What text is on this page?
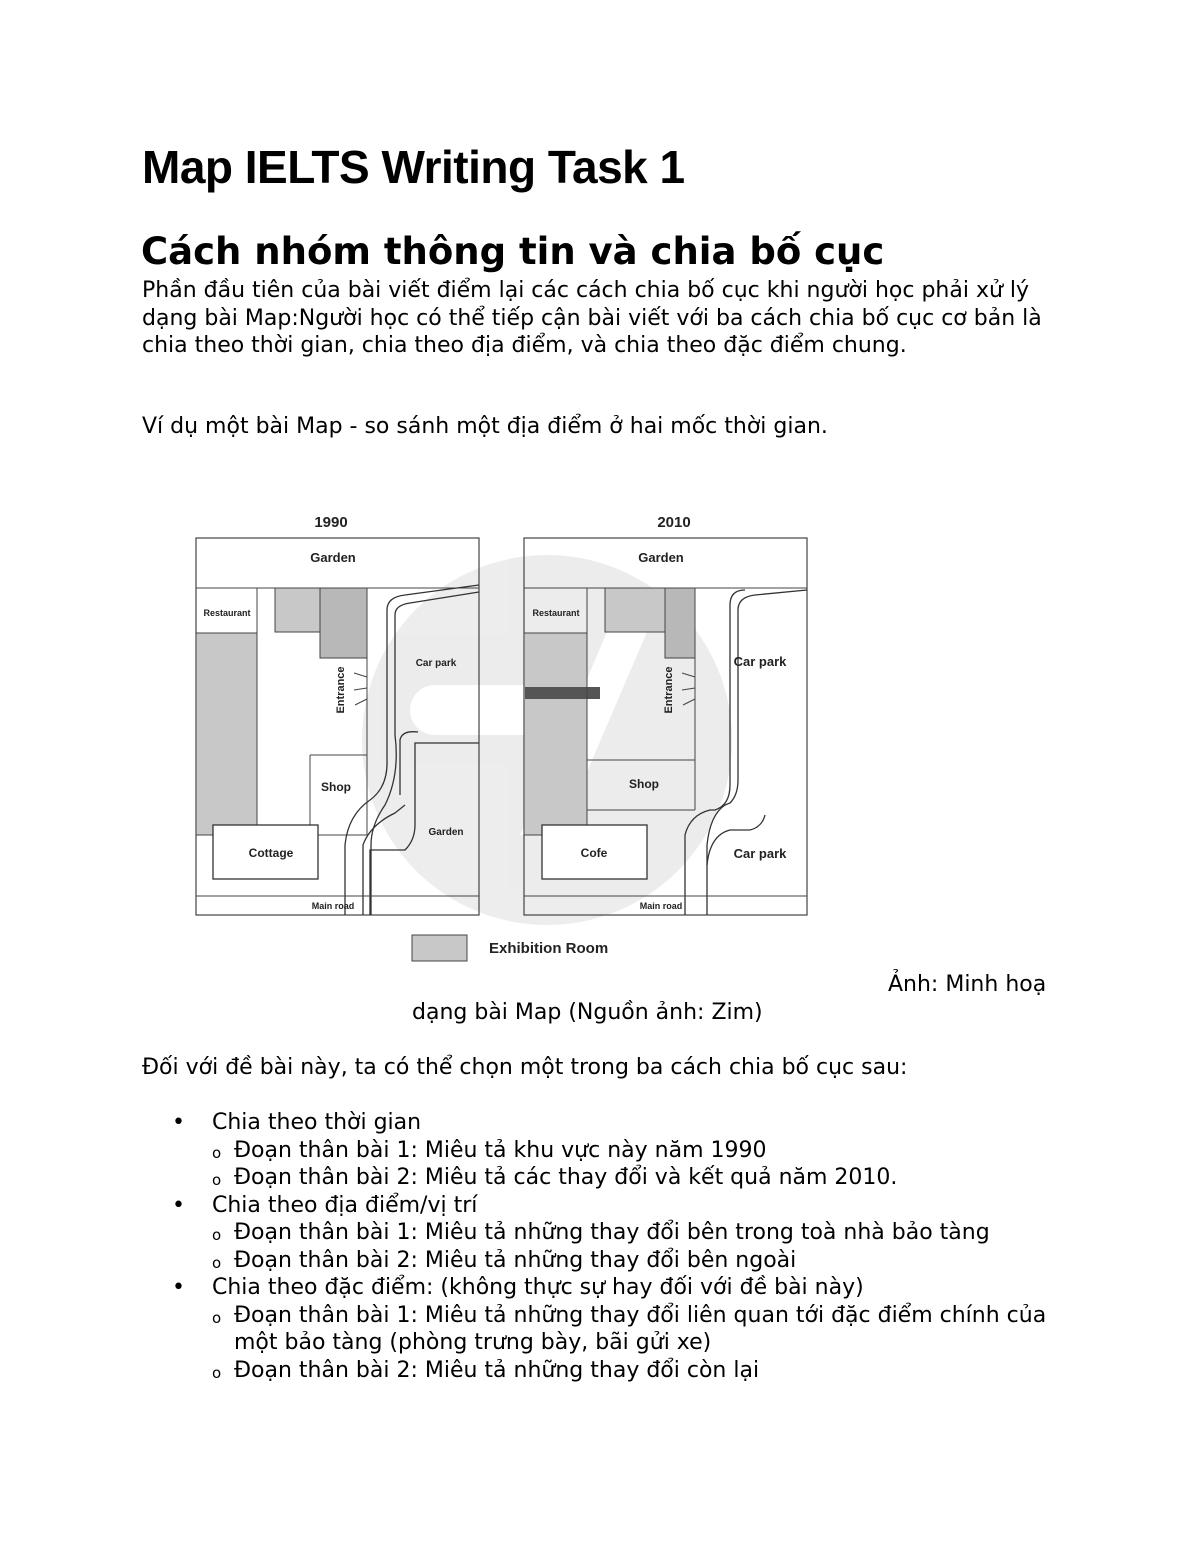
Map IELTS Writing Task 1
Cách nhóm thông tin và chia bố cục

Phần đầu tiên của bài viết điểm lại các cách chia bố cục khi người học phải xử lý dạng bài Map:Người học có thể tiếp cận bài viết với ba cách chia bố cục cơ bản là chia theo thời gian, chia theo địa điểm, và chia theo đặc điểm chung.

Ví dụ một bài Map - so sánh một địa điểm ở hai mốc thời gian.

1990
Garden
Restaurant
Entrance
Shop
Car park
Garden
Cottage
Main road
2010
Garden
Restaurant
Entrance
Shop
Car park
Car park
Cofe
Main road
Exhibition Room

Ảnh: Minh hoạ

dạng bài Map (Nguồn ảnh: Zim)

Đối với đề bài này, ta có thể chọn một trong ba cách chia bố cục sau:

• Chia theo thời gian
o Đoạn thân bài 1: Miêu tả khu vực này năm 1990
o Đoạn thân bài 2: Miêu tả các thay đổi và kết quả năm 2010.
• Chia theo địa điểm/vị trí
o Đoạn thân bài 1: Miêu tả những thay đổi bên trong toà nhà bảo tàng
o Đoạn thân bài 2: Miêu tả những thay đổi bên ngoài
• Chia theo đặc điểm: (không thực sự hay đối với đề bài này)
o Đoạn thân bài 1: Miêu tả những thay đổi liên quan tới đặc điểm chính của một bảo tàng (phòng trưng bày, bãi gửi xe)
o Đoạn thân bài 2: Miêu tả những thay đổi còn lại
